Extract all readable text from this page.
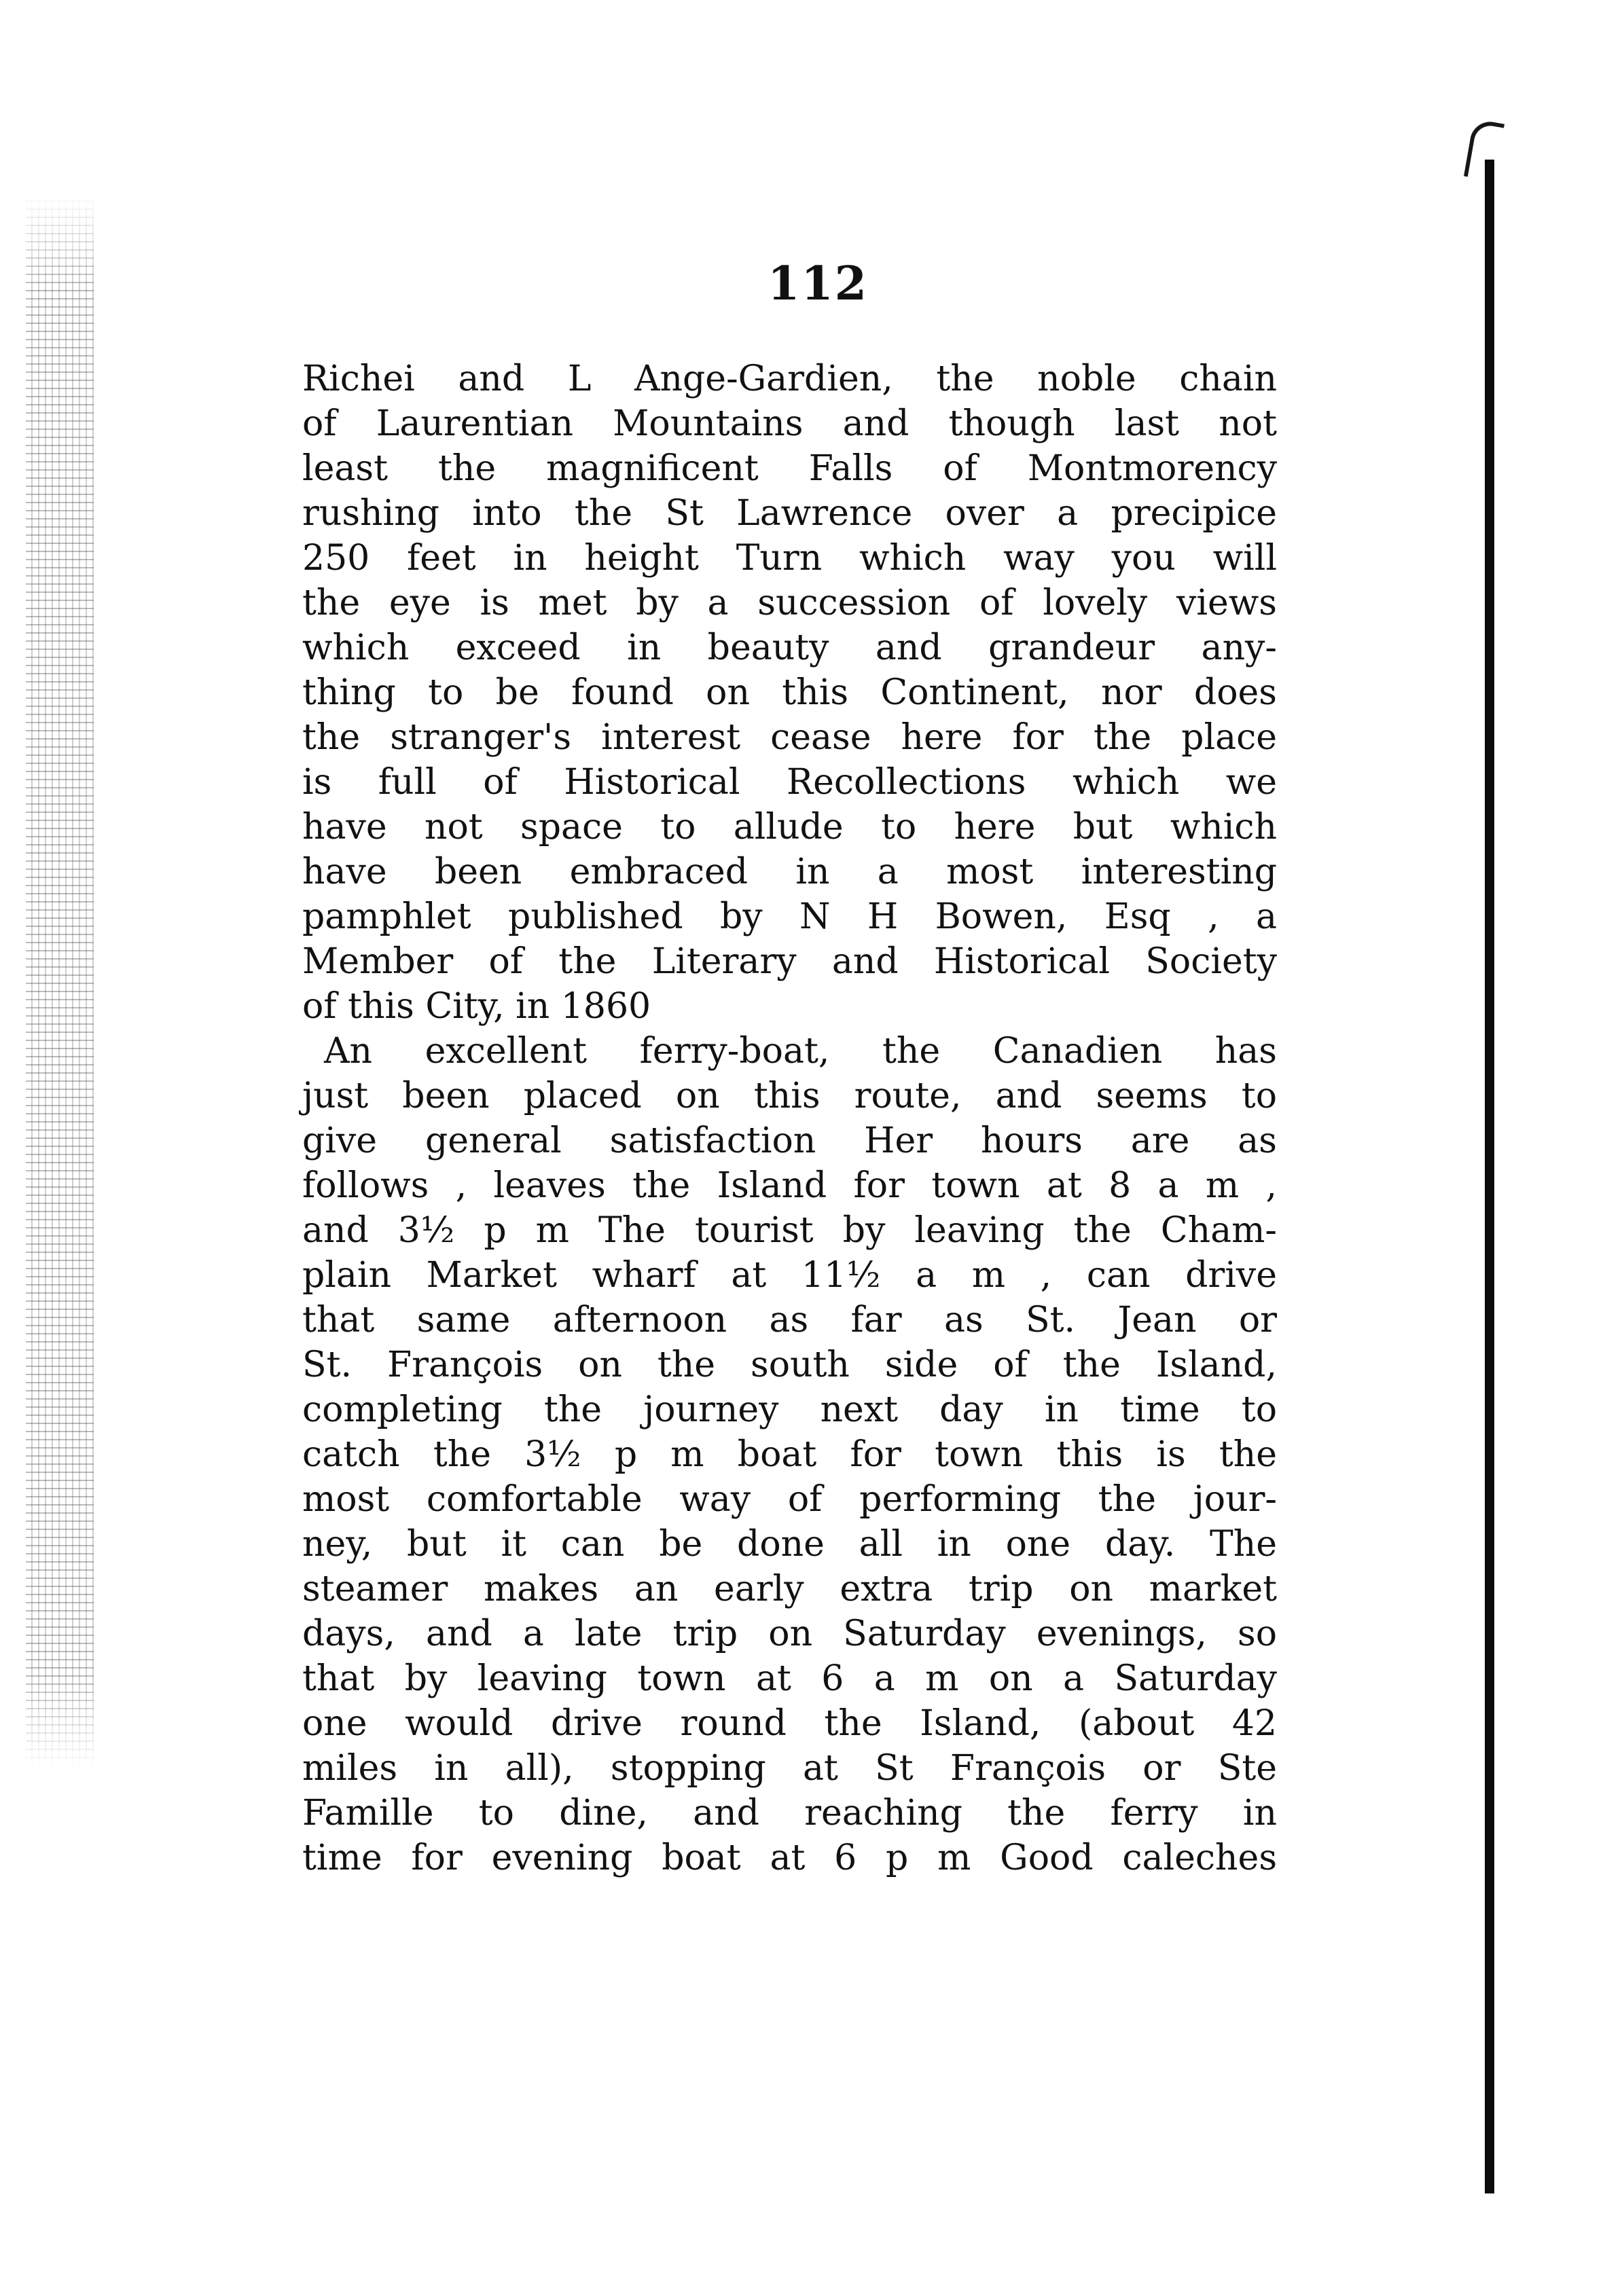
112
Richei and L Ange-Gardien, the noble chain
of Laurentian Mountains and though last not
least the magnificent Falls of Montmorency
rushing into the St Lawrence over a precipice
250 feet in height Turn which way you will
the eye is met by a succession of lovely views
which exceed in beauty and grandeur any-
thing to be found on this Continent, nor does
the stranger's interest cease here for the place
is full of Historical Recollections which we
have not space to allude to here but which
have been embraced in a most interesting
pamphlet published by N H Bowen, Esq , a
Member of the Literary and Historical Society
of this City, in 1860
An excellent ferry-boat, the Canadien has
just been placed on this route, and seems to
give general satisfaction Her hours are as
follows , leaves the Island for town at 8 a m ,
and 3½ p m The tourist by leaving the Cham-
plain Market wharf at 11½ a m , can drive
that same afternoon as far as St. Jean or
St. François on the south side of the Island,
completing the journey next day in time to
catch the 3½ p m boat for town this is the
most comfortable way of performing the jour-
ney, but it can be done all in one day. The
steamer makes an early extra trip on market
days, and a late trip on Saturday evenings, so
that by leaving town at 6 a m on a Saturday
one would drive round the Island, (about 42
miles in all), stopping at St François or Ste
Famille to dine, and reaching the ferry in
time for evening boat at 6 p m Good caleches
